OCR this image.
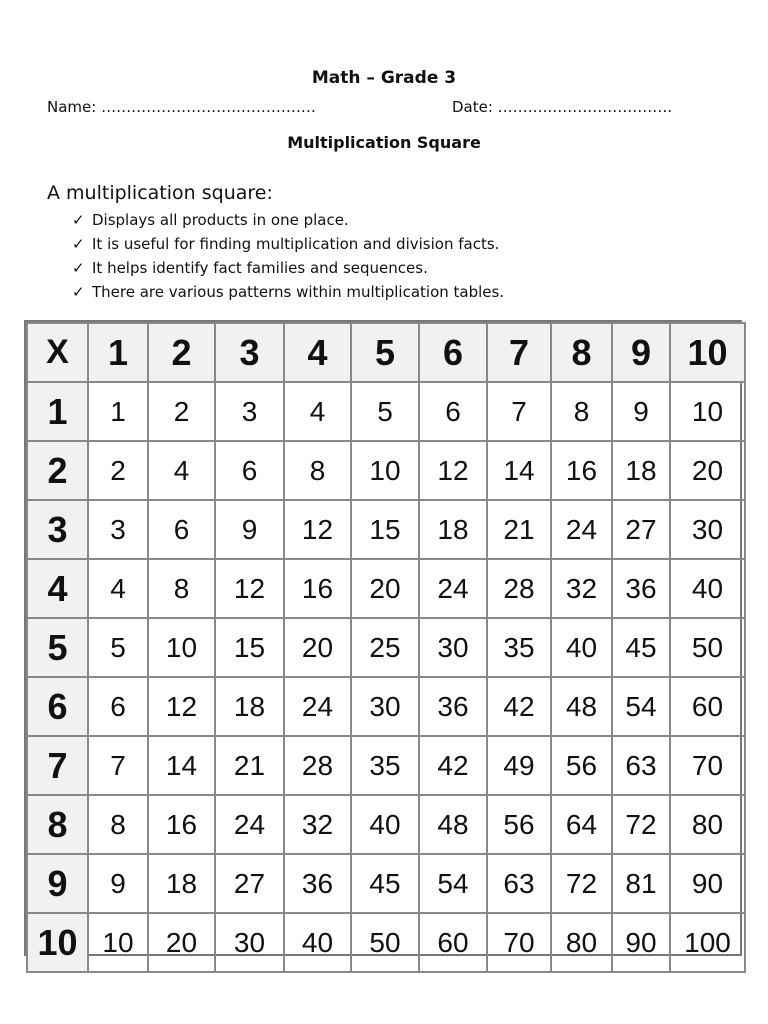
Math – Grade 3
Name: ……………………….……………	Date: ………..……………………
Multiplication Square
A multiplication square:
✓ Displays all products in one place.
✓ It is useful for finding multiplication and division facts.
✓ It helps identify fact families and sequences.
✓ There are various patterns within multiplication tables.
X	1	2	3	4	5	6	7	8	9	10
1	1	2	3	4	5	6	7	8	9	10
2	2	4	6	8	10	12	14	16	18	20
3	3	6	9	12	15	18	21	24	27	30
4	4	8	12	16	20	24	28	32	36	40
5	5	10	15	20	25	30	35	40	45	50
6	6	12	18	24	30	36	42	48	54	60
7	7	14	21	28	35	42	49	56	63	70
8	8	16	24	32	40	48	56	64	72	80
9	9	18	27	36	45	54	63	72	81	90
10	10	20	30	40	50	60	70	80	90	100
